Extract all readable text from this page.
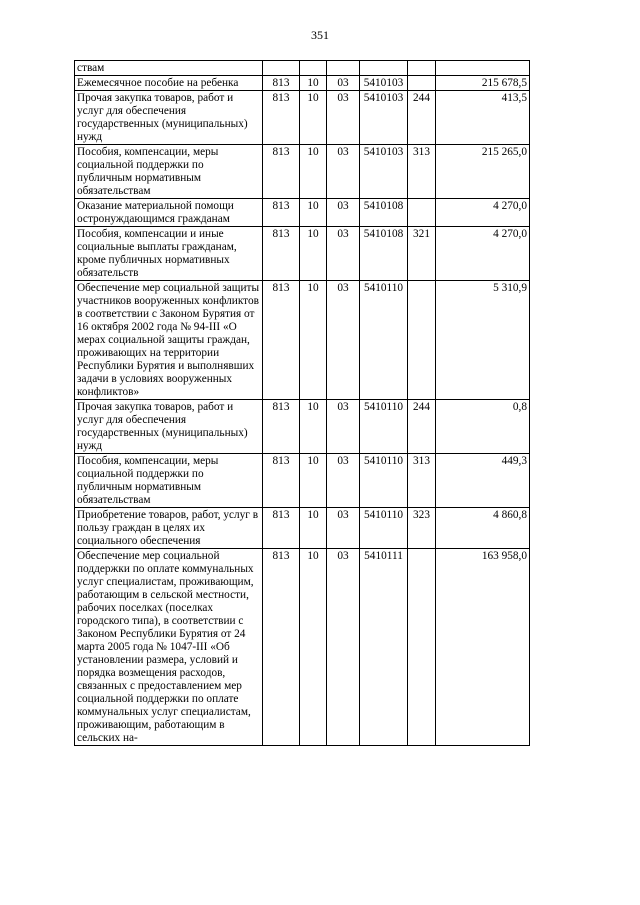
351
ствам						
Ежемесячное пособие на ребенка	813	10	03	5410103		215 678,5
Прочая закупка товаров, работ и услуг для обеспечения государственных (муниципальных) нужд	813	10	03	5410103	244	413,5
Пособия, компенсации, меры социальной поддержки по публичным нормативным обязательствам	813	10	03	5410103	313	215 265,0
Оказание материальной помощи остронуждающимся гражданам	813	10	03	5410108		4 270,0
Пособия, компенсации и иные социальные выплаты гражданам, кроме публичных нормативных обязательств	813	10	03	5410108	321	4 270,0
Обеспечение мер социальной защиты участников вооруженных конфликтов в соответствии с Законом Бурятия от 16 октября 2002 года № 94-III «О мерах социальной защиты граждан, проживающих на территории Республики Бурятия и выполнявших задачи в условиях вооруженных конфликтов»	813	10	03	5410110		5 310,9
Прочая закупка товаров, работ и услуг для обеспечения государственных (муниципальных) нужд	813	10	03	5410110	244	0,8
Пособия, компенсации, меры социальной поддержки по публичным нормативным обязательствам	813	10	03	5410110	313	449,3
Приобретение товаров, работ, услуг в пользу граждан в целях их социального обеспечения	813	10	03	5410110	323	4 860,8
Обеспечение мер социальной поддержки по оплате коммунальных услуг специалистам, проживающим, работающим в сельской местности, рабочих поселках (поселках городского типа), в соответствии с Законом Республики Бурятия от 24 марта 2005 года № 1047-III «Об установлении размера, условий и порядка возмещения расходов, связанных с предоставлением мер социальной поддержки по оплате коммунальных услуг специалистам, проживающим, работающим в сельских на-	813	10	03	5410111		163 958,0
